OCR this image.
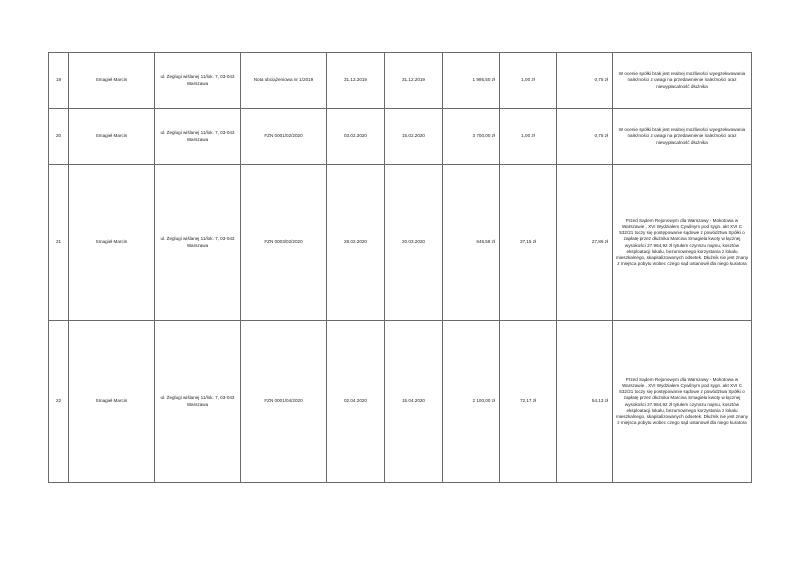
19	Smagieł Marcin	ul. Żeglugi wiślanej 11/lok. 7, 03-043 Warszawa	Nota obciążeniowa nr 1/2019	31.12.2019	31.12.2019	1 995,50 zł	1,00 zł	0,75 zł	W ocenie spółki brak jest realnej możliwości wyegzekwowania należności z uwagi na przedawnienie należności oraz niewypłacalność dłużnika
20	Smagieł Marcin	ul. Żeglugi wiślanej 11/lok. 7, 03-043 Warszawa	FZN 0001/02/2020	03.02.2020	15.02.2020	3 700,00 zł	1,00 zł	0,75 zł	W ocenie spółki brak jest realnej możliwości wyegzekwowania należności z uwagi na przedawnienie należności oraz niewypłacalność dłużnika
21	Smagieł Marcin	ul. Żeglugi wiślanej 11/lok. 7, 03-043 Warszawa	FZN 0003/02/2020	28.02.2020	20.03.2020	646,58 zł	37,15 zł	27,86 zł	Przed Sądem Rejonowym dla Warszawy - Mokotowa w Warszawie , XVI Wydziałem Cywilnym pod sygn. akt XVI C 532/21 toczy się postępowanie sądowe z powództwa Spółki o zapłatę przez dłużnika Marcina Smagieła kwoty w łącznej wysokości 27.964,92 zł tytułem czynszu najmu, kosztów eksploatacji lokalu, bezumownego korzystania z lokalu mieszkalnego, skapitalizowanych odsetek. Dłużnik nie jest znany z miejsca pobytu wobec czego sąd ustanowił dla niego kuratora
22	Smagieł Marcin	ul. Żeglugi wiślanej 11/lok. 7, 03-043 Warszawa	FZN 0001/04/2020	02.04.2020	15.04.2020	2 100,00 zł	72,17 zł	54,13 zł	Przed Sądem Rejonowym dla Warszawy - Mokotowa w Warszawie , XVI Wydziałem Cywilnym pod sygn. akt XVI C 532/21 toczy się postępowanie sądowe z powództwa Spółki o zapłatę przez dłużnika Marcina Smagieła kwoty w łącznej wysokości 27.964,92 zł tytułem czynszu najmu, kosztów eksploatacji lokalu, bezumownego korzystania z lokalu mieszkalnego, skapitalizowanych odsetek. Dłużnik nie jest znany z miejsca pobytu wobec czego sąd ustanowił dla niego kuratora
